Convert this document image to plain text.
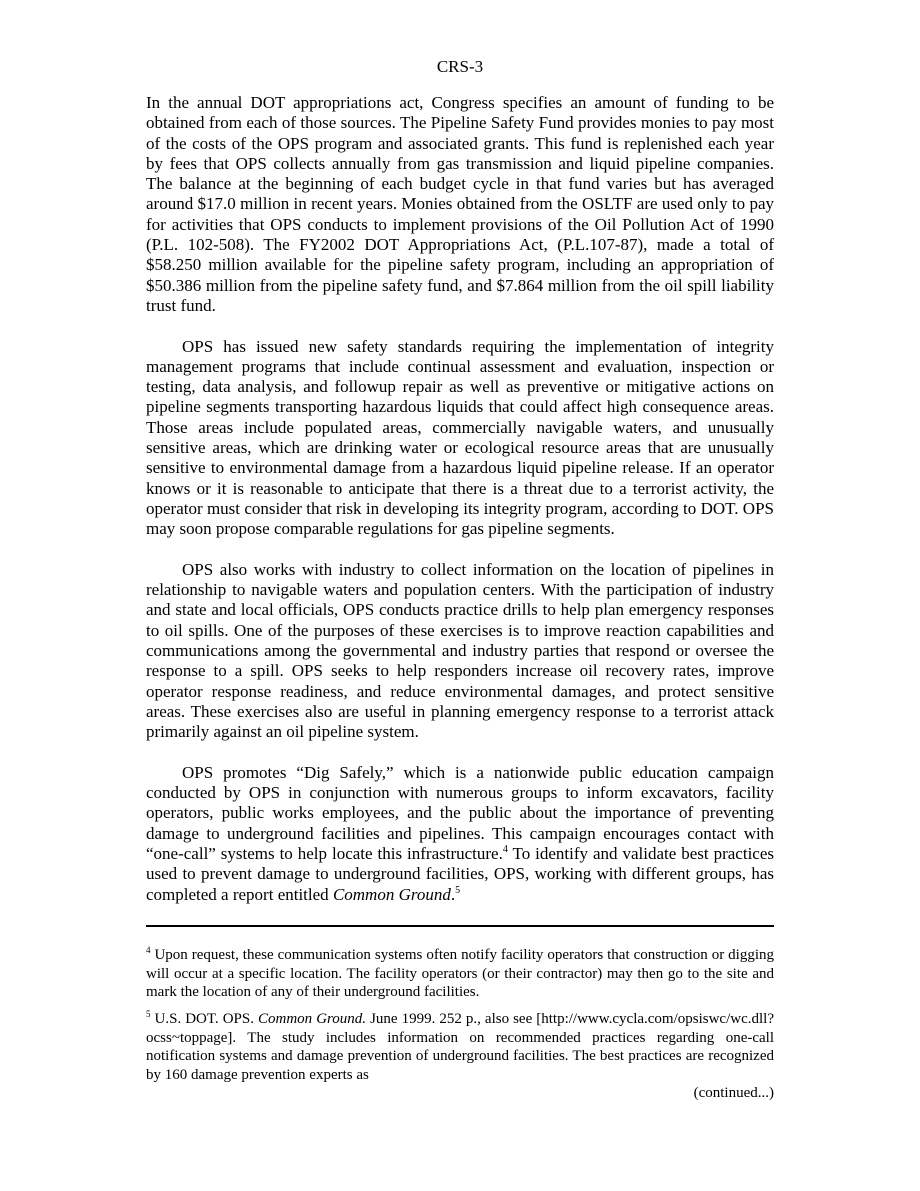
CRS-3

In the annual DOT appropriations act, Congress specifies an amount of funding to be obtained from each of those sources. The Pipeline Safety Fund provides monies to pay most of the costs of the OPS program and associated grants. This fund is replenished each year by fees that OPS collects annually from gas transmission and liquid pipeline companies. The balance at the beginning of each budget cycle in that fund varies but has averaged around $17.0 million in recent years. Monies obtained from the OSLTF are used only to pay for activities that OPS conducts to implement provisions of the Oil Pollution Act of 1990 (P.L. 102-508). The FY2002 DOT Appropriations Act, (P.L.107-87), made a total of $58.250 million available for the pipeline safety program, including an appropriation of $50.386 million from the pipeline safety fund, and $7.864 million from the oil spill liability trust fund.

OPS has issued new safety standards requiring the implementation of integrity management programs that include continual assessment and evaluation, inspection or testing, data analysis, and followup repair as well as preventive or mitigative actions on pipeline segments transporting hazardous liquids that could affect high consequence areas. Those areas include populated areas, commercially navigable waters, and unusually sensitive areas, which are drinking water or ecological resource areas that are unusually sensitive to environmental damage from a hazardous liquid pipeline release. If an operator knows or it is reasonable to anticipate that there is a threat due to a terrorist activity, the operator must consider that risk in developing its integrity program, according to DOT. OPS may soon propose comparable regulations for gas pipeline segments.

OPS also works with industry to collect information on the location of pipelines in relationship to navigable waters and population centers. With the participation of industry and state and local officials, OPS conducts practice drills to help plan emergency responses to oil spills. One of the purposes of these exercises is to improve reaction capabilities and communications among the governmental and industry parties that respond or oversee the response to a spill. OPS seeks to help responders increase oil recovery rates, improve operator response readiness, and reduce environmental damages, and protect sensitive areas. These exercises also are useful in planning emergency response to a terrorist attack primarily against an oil pipeline system.

OPS promotes “Dig Safely,” which is a nationwide public education campaign conducted by OPS in conjunction with numerous groups to inform excavators, facility operators, public works employees, and the public about the importance of preventing damage to underground facilities and pipelines. This campaign encourages contact with “one-call” systems to help locate this infrastructure.$^4$ To identify and validate best practices used to prevent damage to underground facilities, OPS, working with different groups, has completed a report entitled Common Ground.$^5$

$^4$ Upon request, these communication systems often notify facility operators that construction or digging will occur at a specific location. The facility operators (or their contractor) may then go to the site and mark the location of any of their underground facilities.

$^5$ U.S. DOT. OPS. Common Ground. June 1999. 252 p., also see [http://www.cycla.com/opsiswc/wc.dll?ocss~toppage]. The study includes information on recommended practices regarding one-call notification systems and damage prevention of underground facilities. The best practices are recognized by 160 damage prevention experts as
(continued...)
